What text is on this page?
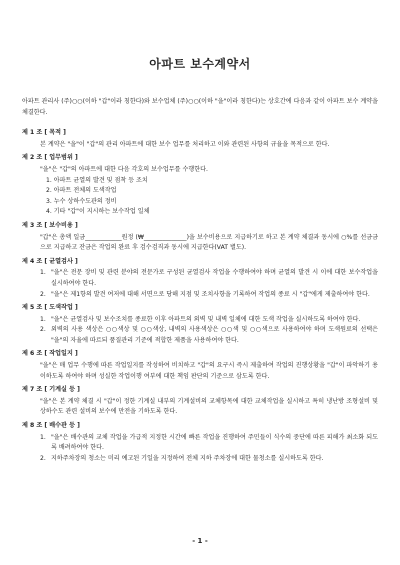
아파트 보수계약서

아파트 관리사 (주)○○(이하 "갑"이라 칭한다)와 보수업체 (주)○○(이하 "을"이라 칭한다)는 상호간에 다음과 같이 아파트 보수 계약을 체결한다.

제 1 조 [ 목적 ]
본 계약은 "을"이 "갑"의 관리 아파트에 대한 보수 업무를 처리하고 이와 관련된 사항의 규율을 목적으로 한다.
제 2 조 [ 업무범위 ]
"을"은 "갑"의 아파트에 대한 다음 각호의 보수업무를 수행한다.
1. 아파트 균열의 발견 및 점착 등 조치
2. 아파트 전체의 도색작업
3. 누수 상하수도관의 정비
4. 기타 "갑"이 지시하는 보수작업 일체
제 3 조 [ 보수비용 ]
"갑"은 총액 일금____________원정 (₩______________)을 보수비용으로 지급하기로 하고 본 계약 체결과 동시에 ○%를 선금금으로 지급하고 잔금은 작업의 완료 후 검수검직과 동시에 지급한다(VAT 별도).
제 4 조 [ 균열검사 ]
1. "을"은 전문 장비 및 관련 분야의 전문가로 구성된 균열검사 작업을 수행하여야 하며 균열의 발견 시 이에 대한 보수작업을 실시하여야 한다.
2. "을"은 제1항의 발견 여저에 대해 서면으로 당해 지점 및 조치사항을 기록하여 작업의 종료 시 "갑"에게 제출하여야 한다.
제 5 조 [ 도색작업 ]
1. "을"은 균열검사 및 보수조치를 종료한 이후 아파트의 외벽 및 내벽 일체에 대한 도색 작업을 실시하도록 하여야 한다.
2. 외벽의 사용 색상은 ○○색상 및 ○○색상, 내벽의 사용색상은 ○○색 및 ○○색으로 사용하여야 하며 도색원료의 선택은 "을"의 자율에 따르되 품질관리 기준에 적합한 제품을 사용하여야 한다.
제 6 조 [ 작업일지 ]
"을"은 매 업무 수행에 따른 작업일지를 작성하여 비치하고 "갑"의 요구시 즉시 제출하여 작업의 진행상황을 "갑"이 파악하기 용이하도록 하여야 하며 성실한 작업이행 여부에 대한 책임 판단의 기준으로 삼도록 한다.
제 7 조 [ 기계실 등 ]
"을"은 본 계약 체결 시 "갑"이 정한 기계실 내부의 기계설비의 교체항목에 대한 교체작업을 실시하고 특히 냉난방 조형설비 및 상하수도 관련 설비의 보수에 만전을 기하도록 한다.
제 8 조 [ 배수관 등 ]
1. "을"은 배수관의 교체 작업을 가급적 지정한 시간에 빠른 작업을 진행하여 주민들이 식수의 중단에 따른 피해가 최소화 되도록 배려하여야 한다.
2. 지하주차장의 청소는 미리 예고된 기일을 지정하여 전체 지하 주차장에 대한 물청소를 실시하도록 한다.
- 1 -
